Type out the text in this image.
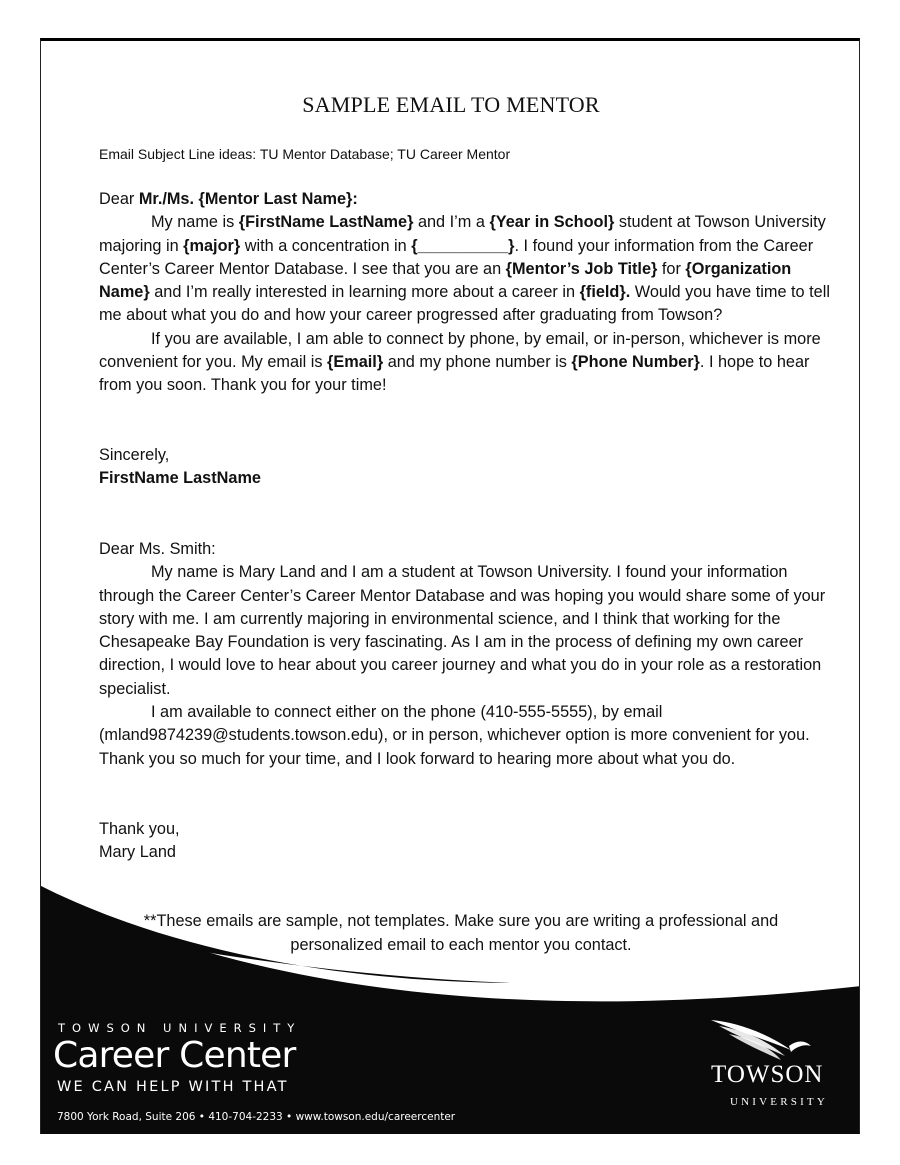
SAMPLE EMAIL TO MENTOR
Email Subject Line ideas: TU Mentor Database; TU Career Mentor

Dear Mr./Ms. {Mentor Last Name}:

My name is {FirstName LastName} and I’m a {Year in School} student at Towson University majoring in {major} with a concentration in {__________}. I found your information from the Career Center’s Career Mentor Database. I see that you are an {Mentor’s Job Title} for {Organization Name} and I’m really interested in learning more about a career in {field}. Would you have time to tell me about what you do and how your career progressed after graduating from Towson?

If you are available, I am able to connect by phone, by email, or in-person, whichever is more convenient for you. My email is {Email} and my phone number is {Phone Number}. I hope to hear from you soon. Thank you for your time!

Sincerely,
FirstName LastName

Dear Ms. Smith:

My name is Mary Land and I am a student at Towson University. I found your information through the Career Center’s Career Mentor Database and was hoping you would share some of your story with me. I am currently majoring in environmental science, and I think that working for the Chesapeake Bay Foundation is very fascinating. As I am in the process of defining my own career direction, I would love to hear about you career journey and what you do in your role as a restoration specialist.

I am available to connect either on the phone (410-555-5555), by email (mland9874239@students.towson.edu), or in person, whichever option is more convenient for you. Thank you so much for your time, and I look forward to hearing more about what you do.

Thank you,
Mary Land
**These emails are sample, not templates. Make sure you are writing a professional and personalized email to each mentor you contact.
TOWSON UNIVERSITY
Career Center
WE CAN HELP WITH THAT
7800 York Road, Suite 206 • 410-704-2233 • www.towson.edu/careercenter
TOWSON
UNIVERSITY
